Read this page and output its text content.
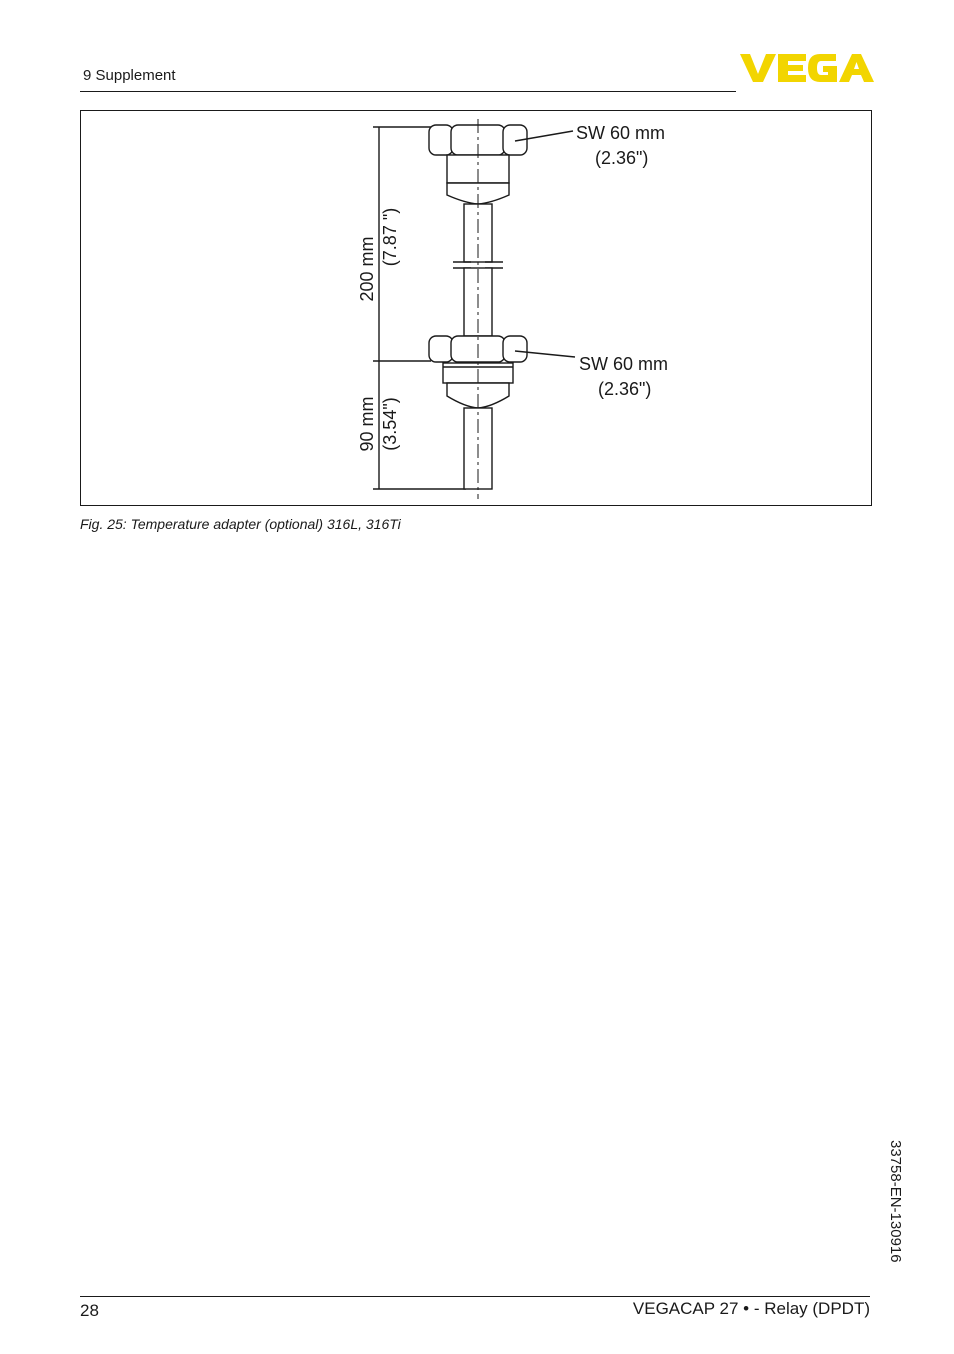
9 Supplement
SW 60 mm
(2.36")
SW 60 mm
(2.36")
200 mm (7.87 ")
90 mm (3.54")
Fig. 25: Temperature adapter (optional) 316L, 316Ti
33758-EN-130916
28	VEGACAP 27 • - Relay (DPDT)
